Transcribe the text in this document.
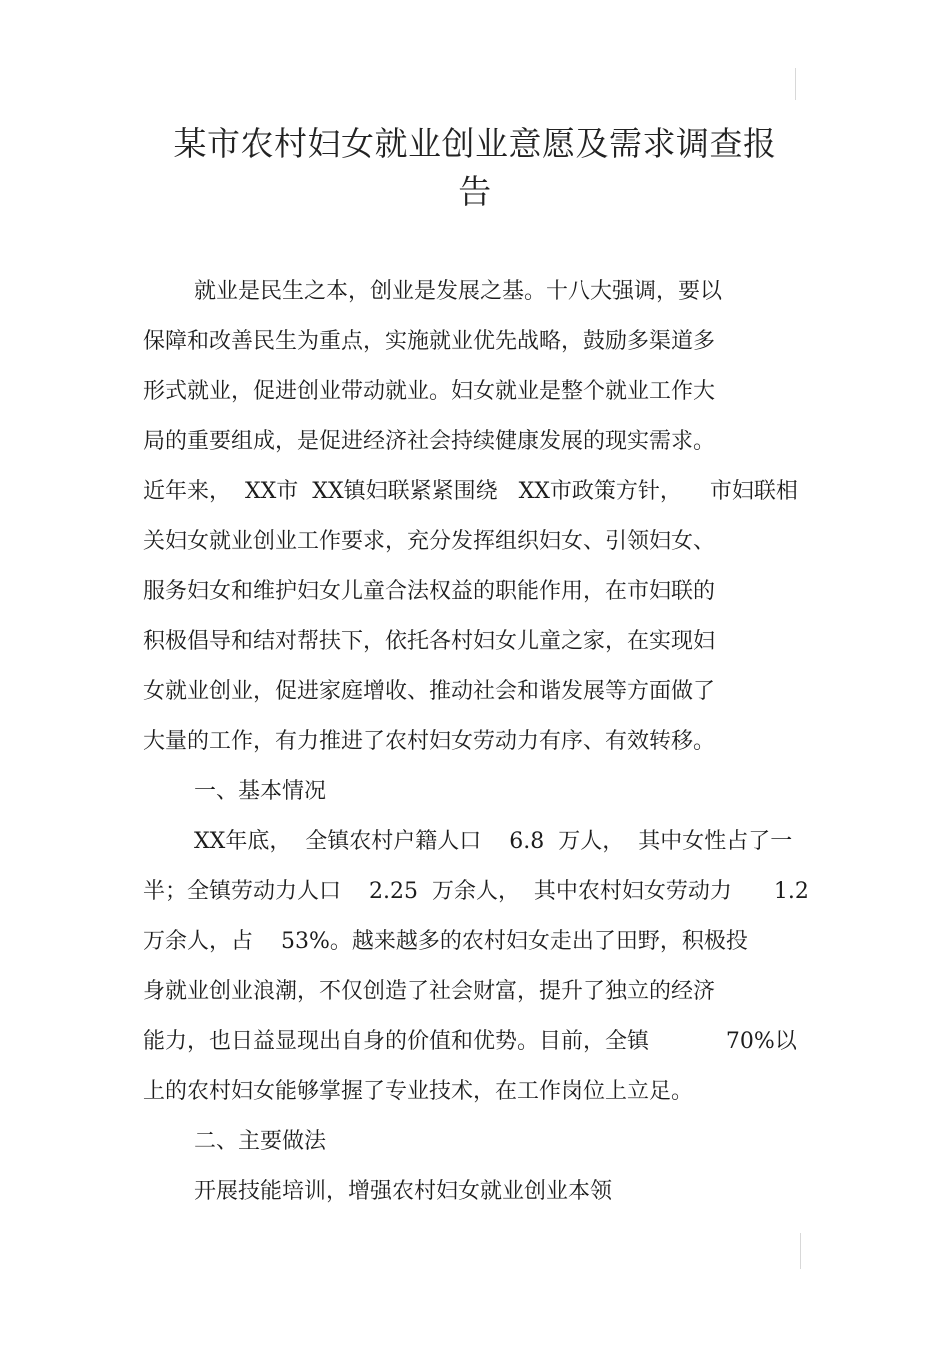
某市农村妇女就业创业意愿及需求调查报
告

就业是民生之本，创业是发展之基。十八大强调，要以

保障和改善民生为重点，实施就业优先战略，鼓励多渠道多

形式就业，促进创业带动就业。妇女就业是整个就业工作大

局的重要组成，是促进经济社会持续健康发展的现实需求。

近年来，  XX市  XX镇妇联紧紧围绕   XX市政策方针，    市妇联相

关妇女就业创业工作要求，充分发挥组织妇女、引领妇女、

服务妇女和维护妇女儿童合法权益的职能作用，在市妇联的

积极倡导和结对帮扶下，依托各村妇女儿童之家，在实现妇

女就业创业，促进家庭增收、推动社会和谐发展等方面做了

大量的工作，有力推进了农村妇女劳动力有序、有效转移。

一、基本情况

XX年底，  全镇农村户籍人口    6.8  万人，  其中女性占了一

半；全镇劳动力人口    2.25  万余人，  其中农村妇女劳动力      1.2

万余人，占    53%。越来越多的农村妇女走出了田野，积极投

身就业创业浪潮，不仅创造了社会财富，提升了独立的经济

能力，也日益显现出自身的价值和优势。目前，全镇           70%以

上的农村妇女能够掌握了专业技术，在工作岗位上立足。

二、主要做法

开展技能培训，增强农村妇女就业创业本领
